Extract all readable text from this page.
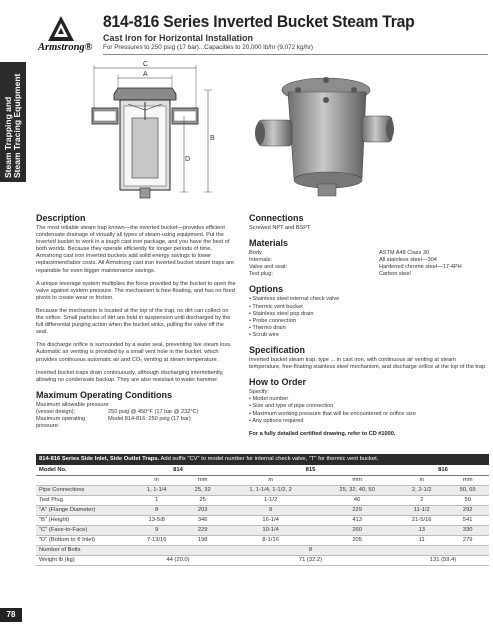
Steam Trapping and Steam Tracing Equipment
78
Armstrong®
814-816 Series Inverted Bucket Steam Trap
Cast Iron for Horizontal Installation
For Pressures to 250 psig (17 bar)...Capacities to 20,000 lb/hr (9,072 kg/hr)
C
A
B
D
Description

The most reliable steam trap known—the inverted bucket—provides efficient condensate drainage of virtually all types of steam-using equipment. Put the inverted bucket to work in a tough cast iron package, and you have the best of both worlds. Because they operate efficiently for longer periods of time, Armstrong cast iron inverted buckets add solid energy savings to lower replacement/labor costs. All Armstrong cast iron inverted bucket steam traps are repairable for even bigger maintenance savings.

A unique leverage system multiplies the force provided by the bucket to open the valve against system pressure. The mechanism is free-floating, and has no fixed pivots to create wear or friction.

Because the mechanism is located at the top of the trap, no dirt can collect on the orifice. Small particles of dirt are held in suspension until discharged by the full differential purging action when the bucket sinks, pulling the valve off the seat.

The discharge orifice is surrounded by a water seal, preventing live steam loss. Automatic air venting is provided by a small vent hole in the bucket, which provides continuous automatic air and CO₂ venting at steam temperature.

Inverted bucket traps drain continuously, although discharging intermittently, allowing no condensate backup. They are also resistant to water hammer.

Maximum Operating Conditions
Maximum allowable pressure
(vessel design):	250 psig @ 450°F (17 bar @ 232°C)
Maximum operating pressure:
Model 814-816: 250 psig (17 bar)
Connections

Screwed NPT and BSPT

Materials
Body	ASTM A48 Class 30
Internals:	All stainless steel—304
Valve and seat:	Hardened chrome steel—17-4PH
Test plug:	Carbon steel
Options
• Stainless steel internal check valve
• Thermic vent bucket
• Stainless steel pop drain
• Probe connection
• Thermo drain
• Scrub wire
Specification

Inverted bucket steam trap, type ... in cast iron, with continuous air venting at steam temperature, free-floating stainless steel mechanism, and discharge orifice at the top of the trap.

How to Order
Specify:
• Model number
• Size and type of pipe connection
• Maximum working pressure that will be encountered or orifice size
• Any options required
For a fully detailed certified drawing, refer to CD #1000.
814-816 Series Side Inlet, Side Outlet Traps. Add suffix "CV" to model number for internal check valve, "T" for thermic vent bucket.
Model No.	814		815		816	
	in	mm	in	mm	in	mm
Pipe Connections	1, 1-1/4	25, 32	1, 1-1/4, 1-1/2, 2	25, 32, 40, 50	2, 2-1/2	50, 65
Test Plug	1	25	1-1/2	40	2	50
"A" (Flange Diameter)	8	203	9	229	11-1/2	292
"B" (Height)	13-5/8	346	16-1/4	413	21-5/16	541
"C" (Face-to-Face)	9	229	10-1/4	260	13	330
"D" (Bottom to ¢ Inlet)	7-13/16	198	8-1/16	205	11	279
Number of Bolts	8					
Weight lb (kg)	44 (20.0)		71 (32.2)		131 (59.4)	
